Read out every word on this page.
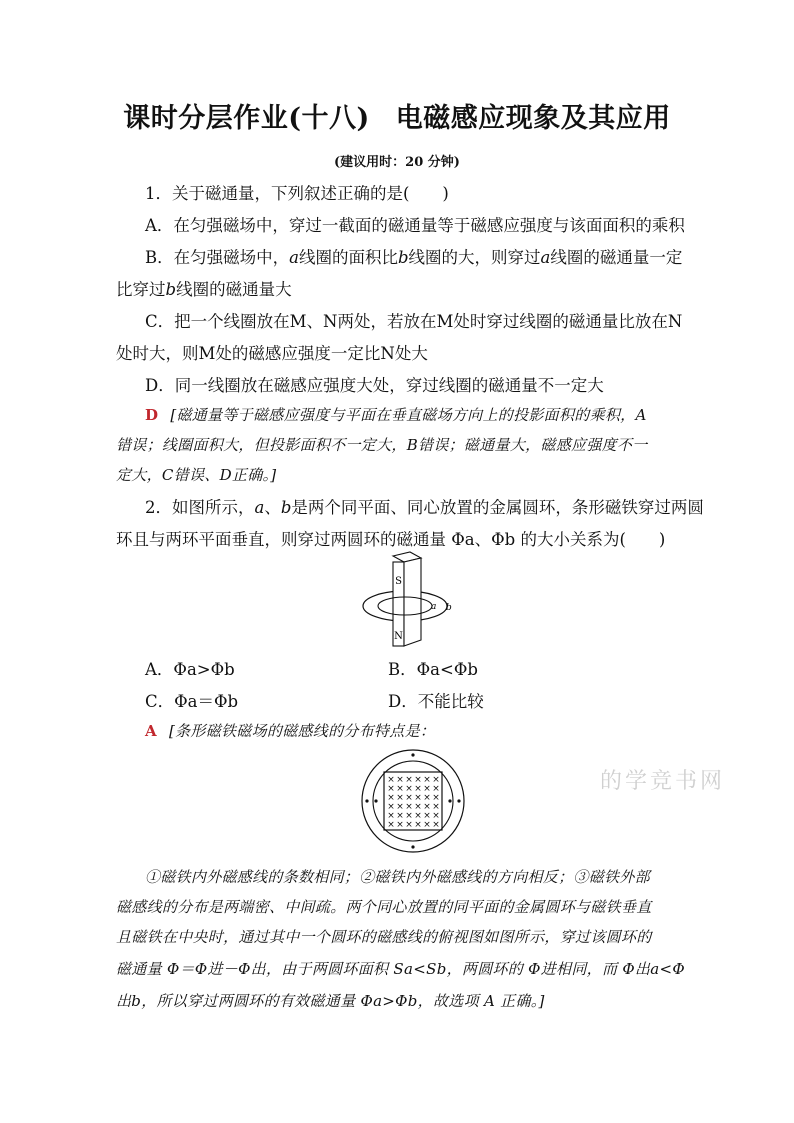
课时分层作业(十八) 电磁感应现象及其应用
(建议用时：20 分钟)
1．关于磁通量，下列叙述正确的是(　　)
A．在匀强磁场中，穿过一截面的磁通量等于磁感应强度与该面面积的乘积
B．在匀强磁场中，a线圈的面积比b线圈的大，则穿过a线圈的磁通量一定
比穿过b线圈的磁通量大
C．把一个线圈放在M、N两处，若放在M处时穿过线圈的磁通量比放在N
处时大，则M处的磁感应强度一定比N处大
D．同一线圈放在磁感应强度大处，穿过线圈的磁通量不一定大
D [磁通量等于磁感应强度与平面在垂直磁场方向上的投影面积的乘积，A
错误；线圈面积大，但投影面积不一定大，B错误；磁通量大，磁感应强度不一
定大，C错误、D正确。]
2．如图所示，a、b是两个同平面、同心放置的金属圆环，条形磁铁穿过两圆
环且与两环平面垂直，则穿过两圆环的磁通量 Φa、Φb 的大小关系为(　　)
S
N
a b
A．Φa>Φb	B．Φa<Φb
C．Φa＝Φb	D．不能比较
A [条形磁铁磁场的磁感线的分布特点是：
× × × × × ×
× × × × × ×
× × × × × ×
× × × × × ×
× × × × × ×
× × × × × ×
的学竞书网
①磁铁内外磁感线的条数相同；②磁铁内外磁感线的方向相反；③磁铁外部
磁感线的分布是两端密、中间疏。两个同心放置的同平面的金属圆环与磁铁垂直
且磁铁在中央时，通过其中一个圆环的磁感线的俯视图如图所示，穿过该圆环的
磁通量 Φ＝Φ进－Φ出，由于两圆环面积 Sa<Sb，两圆环的 Φ进相同，而 Φ出a<Φ
出b，所以穿过两圆环的有效磁通量 Φa>Φb，故选项 A 正确。]
